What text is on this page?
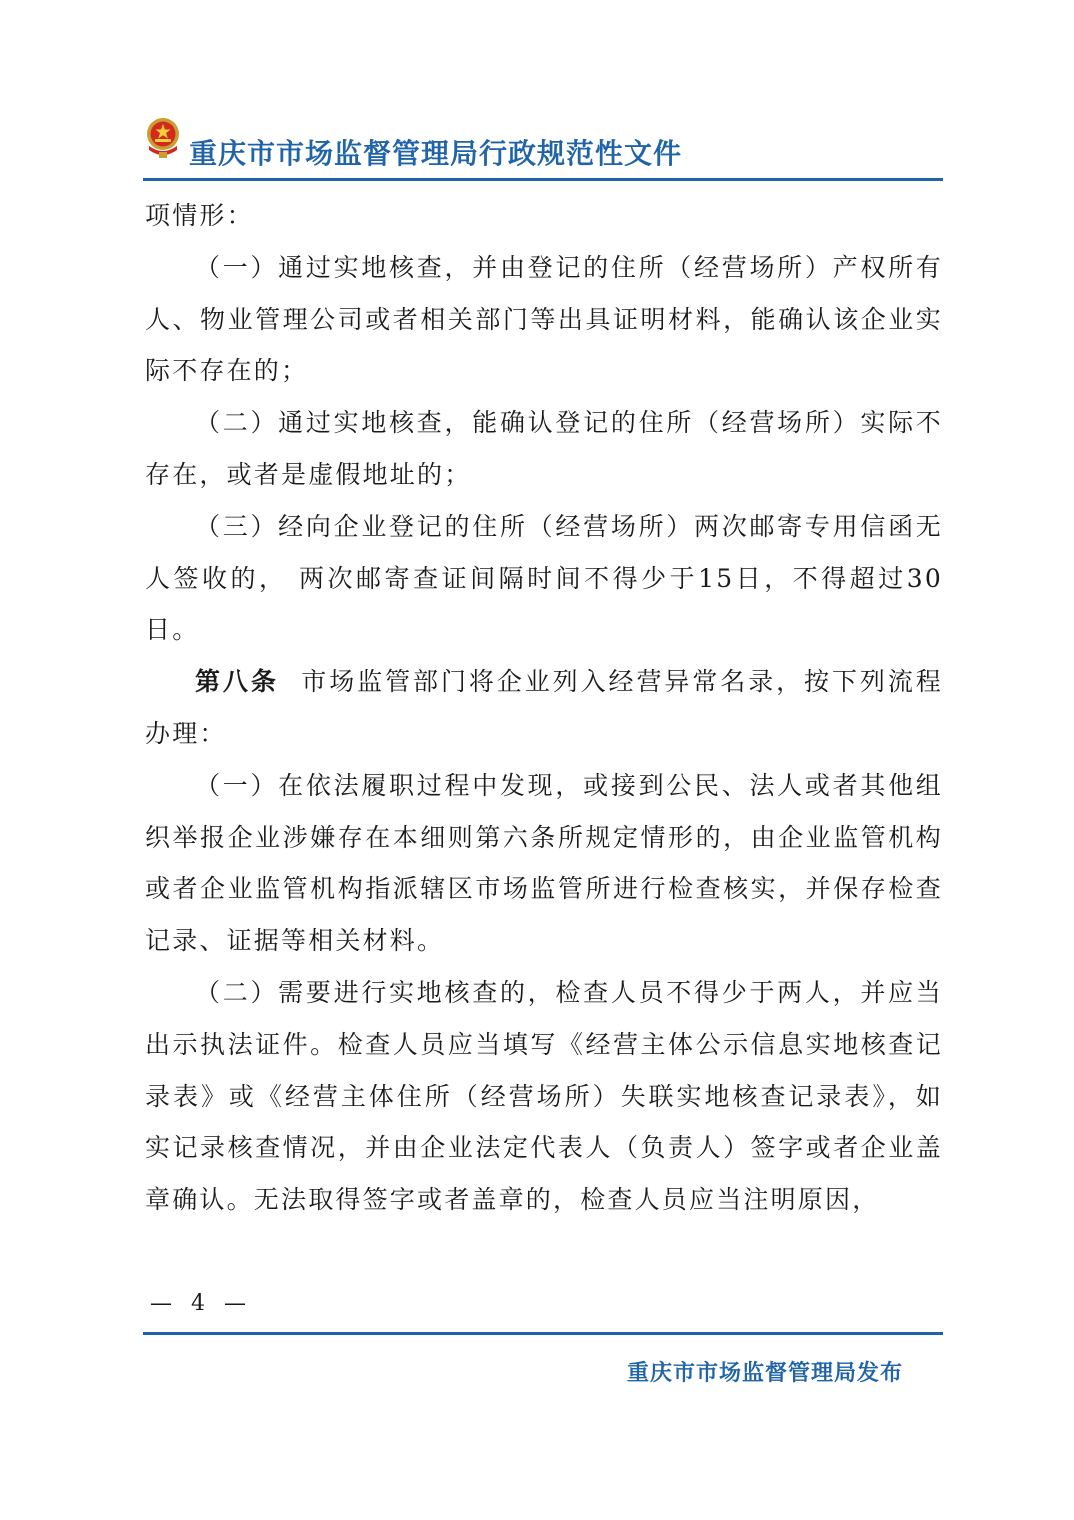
重庆市市场监督管理局行政规范性文件

项情形：

（一）通过实地核查，并由登记的住所（经营场所）产权所有人、物业管理公司或者相关部门等出具证明材料，能确认该企业实际不存在的；

（二）通过实地核查，能确认登记的住所（经营场所）实际不存在，或者是虚假地址的；

（三）经向企业登记的住所（经营场所）两次邮寄专用信函无人签收的， 两次邮寄查证间隔时间不得少于15日，不得超过30日。

第八条 市场监管部门将企业列入经营异常名录，按下列流程办理：

（一）在依法履职过程中发现，或接到公民、法人或者其他组织举报企业涉嫌存在本细则第六条所规定情形的，由企业监管机构或者企业监管机构指派辖区市场监管所进行检查核实，并保存检查记录、证据等相关材料。

（二）需要进行实地核查的，检查人员不得少于两人，并应当出示执法证件。检查人员应当填写《经营主体公示信息实地核查记录表》或《经营主体住所（经营场所）失联实地核查记录表》，如实记录核查情况，并由企业法定代表人（负责人）签字或者企业盖章确认。无法取得签字或者盖章的，检查人员应当注明原因，

— 4 —
重庆市市场监督管理局发布
